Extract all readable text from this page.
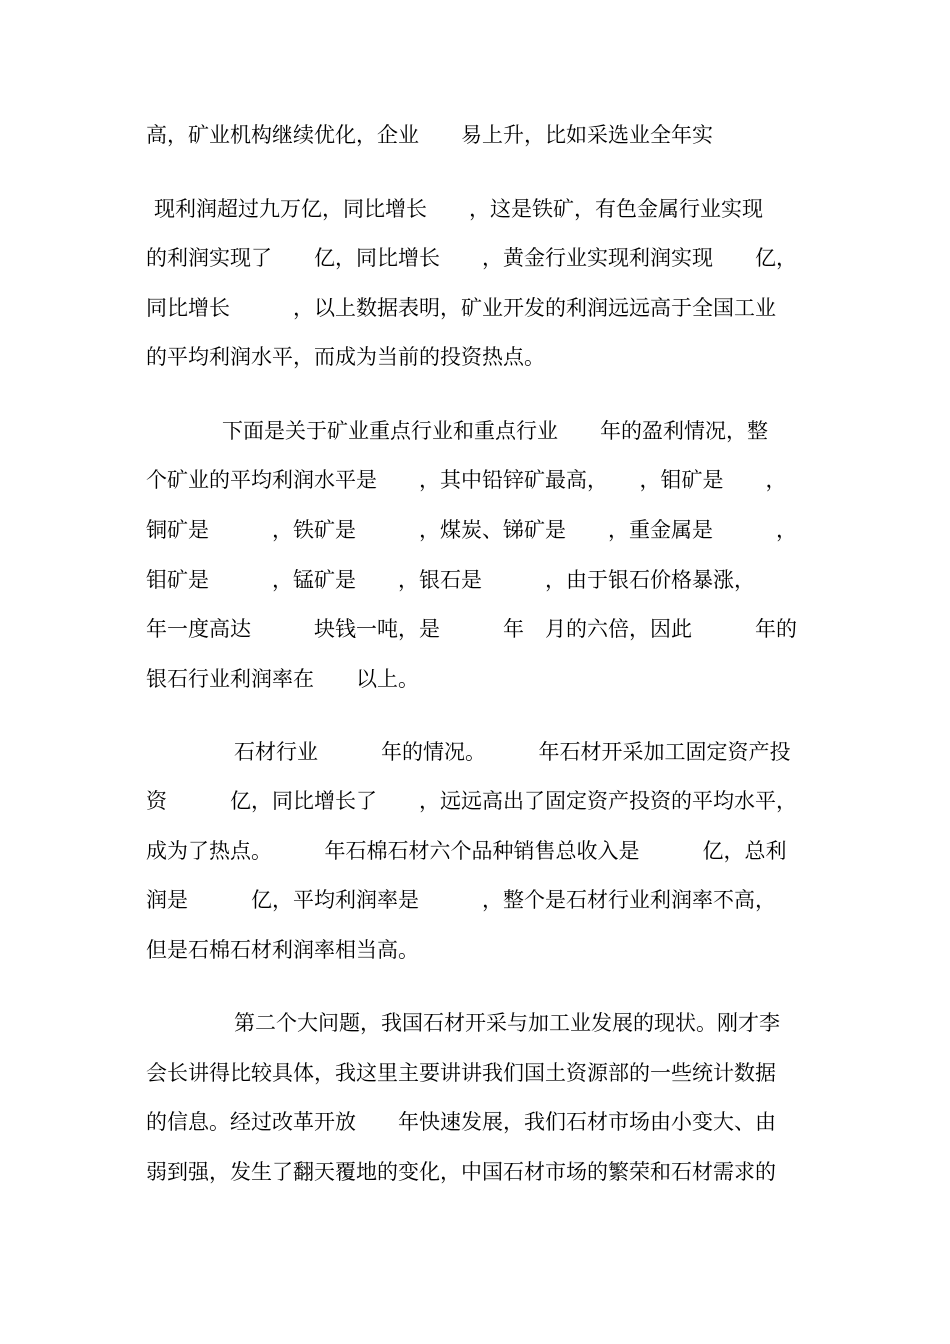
高，矿业机构继续优化，企业　　易上升，比如采选业全年实
现利润超过九万亿，同比增长　　，这是铁矿，有色金属行业实现
的利润实现了　　亿，同比增长　　，黄金行业实现利润实现　　亿，
同比增长　　　，以上数据表明，矿业开发的利润远远高于全国工业
的平均利润水平，而成为当前的投资热点。
下面是关于矿业重点行业和重点行业　　年的盈利情况，整
个矿业的平均利润水平是　　，其中铅锌矿最高，　　，钼矿是　　，
铜矿是　　　，铁矿是　　　，煤炭、锑矿是　　，重金属是　　　，
钼矿是　　　，锰矿是　　，银石是　　　，由于银石价格暴涨，
年一度高达　　　块钱一吨，是　　　年　月的六倍，因此　　　年的
银石行业利润率在　　以上。
石材行业　　　年的情况。　　　年石材开采加工固定资产投
资　　　亿，同比增长了　　，远远高出了固定资产投资的平均水平，
成为了热点。　　　年石棉石材六个品种销售总收入是　　　亿，总利
润是　　　亿，平均利润率是　　　，整个是石材行业利润率不高，
但是石棉石材利润率相当高。
第二个大问题，我国石材开采与加工业发展的现状。刚才李
会长讲得比较具体，我这里主要讲讲我们国土资源部的一些统计数据
的信息。经过改革开放　　年快速发展，我们石材市场由小变大、由
弱到强，发生了翻天覆地的变化，中国石材市场的繁荣和石材需求的
